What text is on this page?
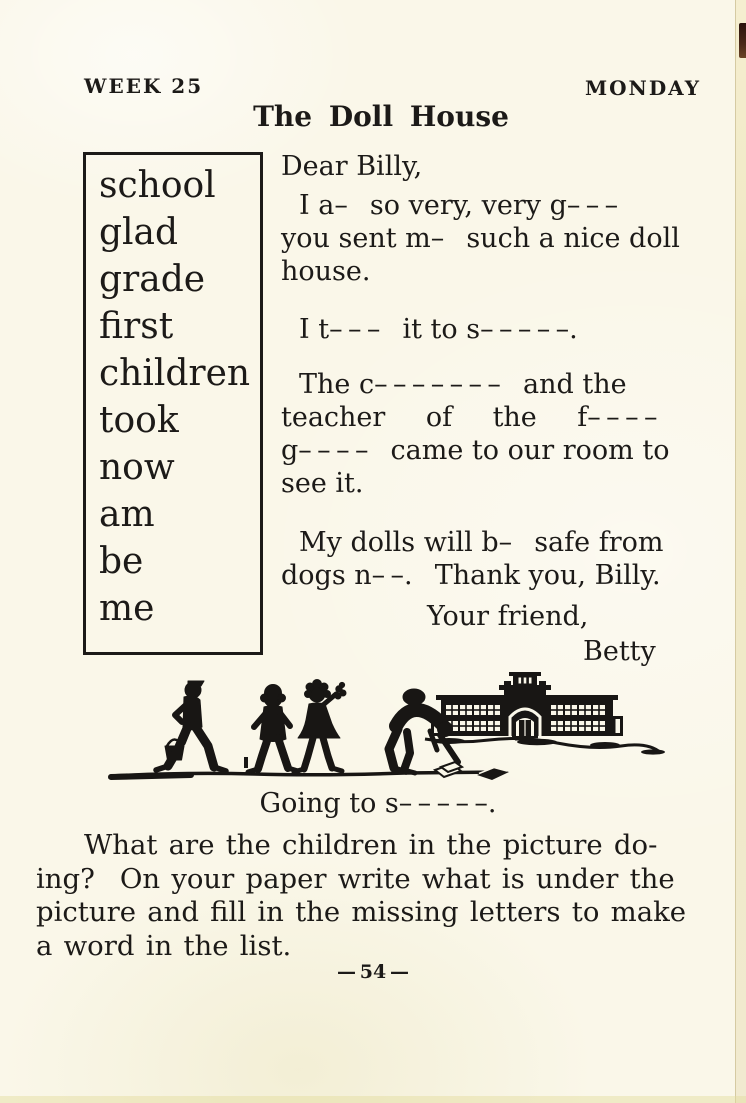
WEEK 25	MONDAY
The Doll House
school
glad
grade
first
children
took
now
am
be
me
Dear Billy,
I a–  so very, very g– – –
you sent m–  such a nice doll
house.
I t– – –  it to s– – – – –.
The c– – – – – – –  and the
teacher   of   the   f– – – –
g– – – –  came to our room to
see it.
My dolls will b–  safe from
dogs n– –.  Thank you, Billy.
Your friend,
Betty
Going to s– – – – –.
What are the children in the picture do-
ing?  On your paper write what is under the
picture and fill in the missing letters to make
a word in the list.
— 54 —
